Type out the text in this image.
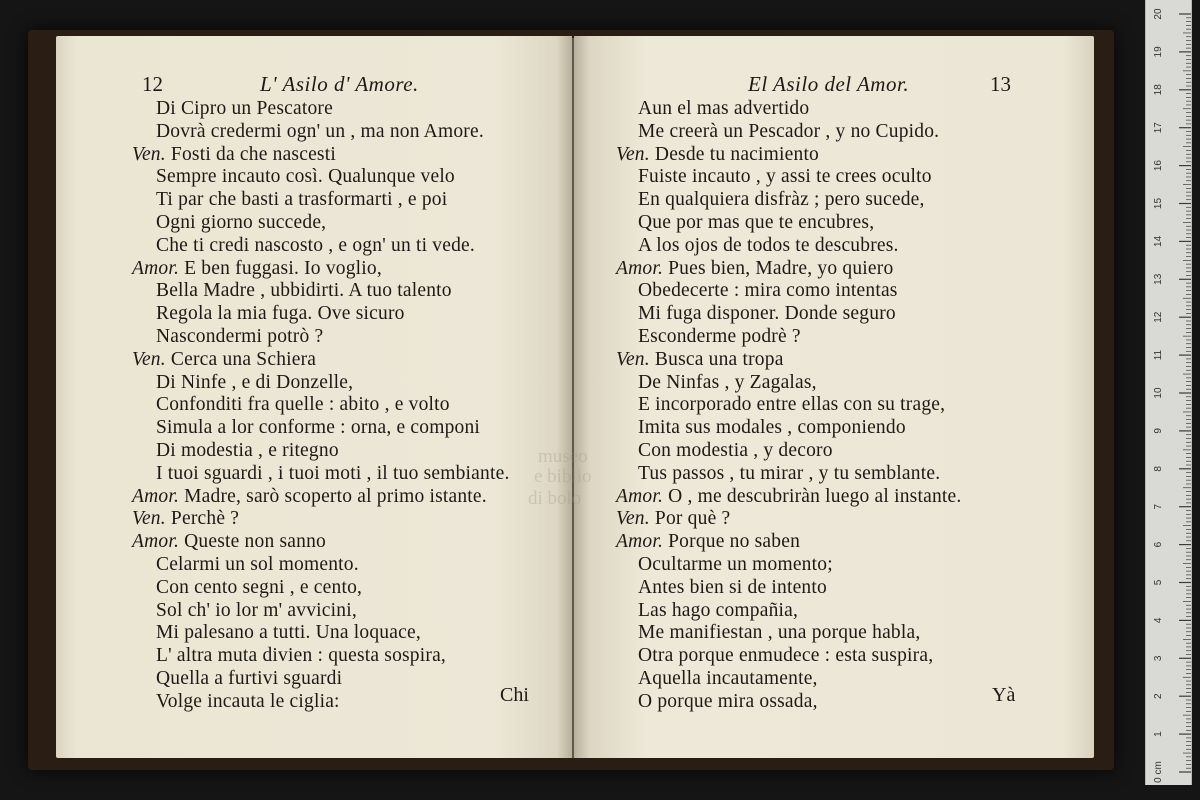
12	L' Asilo d' Amore.
Di Cipro un Pescatore
Dovrà credermi ogn' un , ma non Amore.
Ven. Fosti da che nascesti
Sempre incauto così. Qualunque velo
Ti par che basti a trasformarti , e poi
Ogni giorno succede,
Che ti credi nascosto , e ogn' un ti vede.
Amor. E ben fuggasi. Io voglio,
Bella Madre , ubbidirti. A tuo talento
Regola la mia fuga. Ove sicuro
Nascondermi potrò ?
Ven. Cerca una Schiera
Di Ninfe , e di Donzelle,
Confonditi fra quelle : abito , e volto
Simula a lor conforme : orna, e componi
Di modestia , e ritegno
I tuoi sguardi , i tuoi moti , il tuo sembiante.
Amor. Madre, sarò scoperto al primo istante.
Ven. Perchè ?
Amor. Queste non sanno
Celarmi un sol momento.
Con cento segni , e cento,
Sol ch' io lor m' avvicini,
Mi palesano a tutti. Una loquace,
L' altra muta divien : questa sospira,
Quella a furtivi sguardi
Volge incauta le ciglia:	Chi
El Asilo del Amor.	13
Aun el mas advertido
Me creerà un Pescador , y no Cupido.
Ven. Desde tu nacimiento
Fuiste incauto , y assi te crees oculto
En qualquiera disfràz ; pero sucede,
Que por mas que te encubres,
A los ojos de todos te descubres.
Amor. Pues bien, Madre, yo quiero
Obedecerte : mira como intentas
Mi fuga disponer. Donde seguro
Esconderme podrè ?
Ven. Busca una tropa
De Ninfas , y Zagalas,
E incorporado entre ellas con su trage,
Imita sus modales , componiendo
Con modestia , y decoro
Tus passos , tu mirar , y tu semblante.
Amor. O , me descubriràn luego al instante.
Ven. Por què ?
Amor. Porque no saben
Ocultarme un momento;
Antes bien si de intento
Las hago compañia,
Me manifiestan , una porque habla,
Otra porque enmudece : esta suspira,
Aquella incautamente,
O porque mira ossada,
museo
e biblio
di bolo
Yà
0 cm
1
2
3
4
5
6
7
8
9
10
11
12
13
14
15
16
17
18
19
20
